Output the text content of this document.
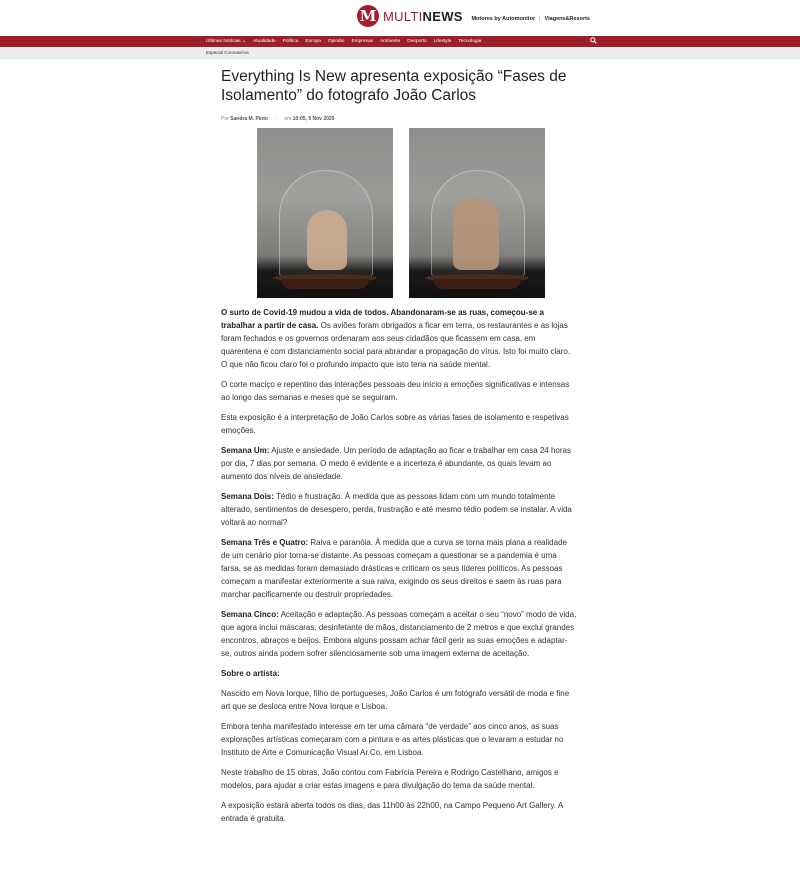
M MULTINEWS Motores by Automonitor | Viagens&Resorts
Últimas Notícias ⌄ Atualidade Política Europa Opinião Empresas Ambiente Desporto Lifestyle Tecnologia
Especial Coronavírus
Everything Is New apresenta exposição “Fases de Isolamento” do fotografo João Carlos
Por Sandra M. Pinto · em 10:05, 9 Nov 2020

O surto de Covid-19 mudou a vida de todos. Abandonaram-se as ruas, começou-se a trabalhar a partir de casa. Os aviões foram obrigados a ficar em terra, os restaurantes e as lojas foram fechados e os governos ordenaram aos seus cidadãos que ficassem em casa, em quarentena e com distanciamento social para abrandar a propagação do vírus. Isto foi muito claro. O que não ficou claro foi o profundo impacto que isto teria na saúde mental.

O corte maciço e repentino das interações pessoais deu início a emoções significativas e intensas ao longo das semanas e meses que se seguiram.

Esta exposição é a interpretação de João Carlos sobre as várias fases de isolamento e respetivas emoções.

Semana Um: Ajuste e ansiedade. Um período de adaptação ao ficar e trabalhar em casa 24 horas por dia, 7 dias por semana. O medo é evidente e a incerteza é abundante, os quais levam ao aumento dos níveis de ansiedade.

Semana Dois: Tédio e frustração. À medida que as pessoas lidam com um mundo totalmente alterado, sentimentos de desespero, perda, frustração e até mesmo tédio podem se instalar. A vida voltará ao normal?

Semana Três e Quatro: Raiva e paranóia. À medida que a curva se torna mais plana a realidade de um cenário pior torna-se distante. As pessoas começam a questionar se a pandemia é uma farsa, se as medidas foram demasiado drásticas e criticam os seus líderes políticos. As pessoas começam a manifestar exteriormente a sua raiva, exigindo os seus direitos e saem às ruas para marchar pacificamente ou destruir propriedades.

Semana Cinco: Aceitação e adaptação. As pessoas começam a aceitar o seu “novo” modo de vida, que agora inclui máscaras, desinfetante de mãos, distanciamento de 2 metros e que exclui grandes encontros, abraços e beijos. Embora alguns possam achar fácil gerir as suas emoções e adaptar-se, outros ainda podem sofrer silenciosamente sob uma imagem externa de aceitação.

Sobre o artista:

Nascido em Nova Iorque, filho de portugueses, João Carlos é um fotógrafo versátil de moda e fine art que se desloca entre Nova Iorque e Lisboa.

Embora tenha manifestado interesse em ter uma câmara “de verdade” aos cinco anos, as suas explorações artísticas começaram com a pintura e as artes plásticas que o levaram a estudar no Instituto de Arte e Comunicação Visual Ar.Co, em Lisboa.

Neste trabalho de 15 obras, João contou com Fabrícia Pereira e Rodrigo Castelhano, amigos e modelos, para ajudar a criar estas imagens e para divulgação do tema da saúde mental.

A exposição estará aberta todos os dias, das 11h00 às 22h00, na Campo Pequeno Art Gallery. A entrada é gratuita.
